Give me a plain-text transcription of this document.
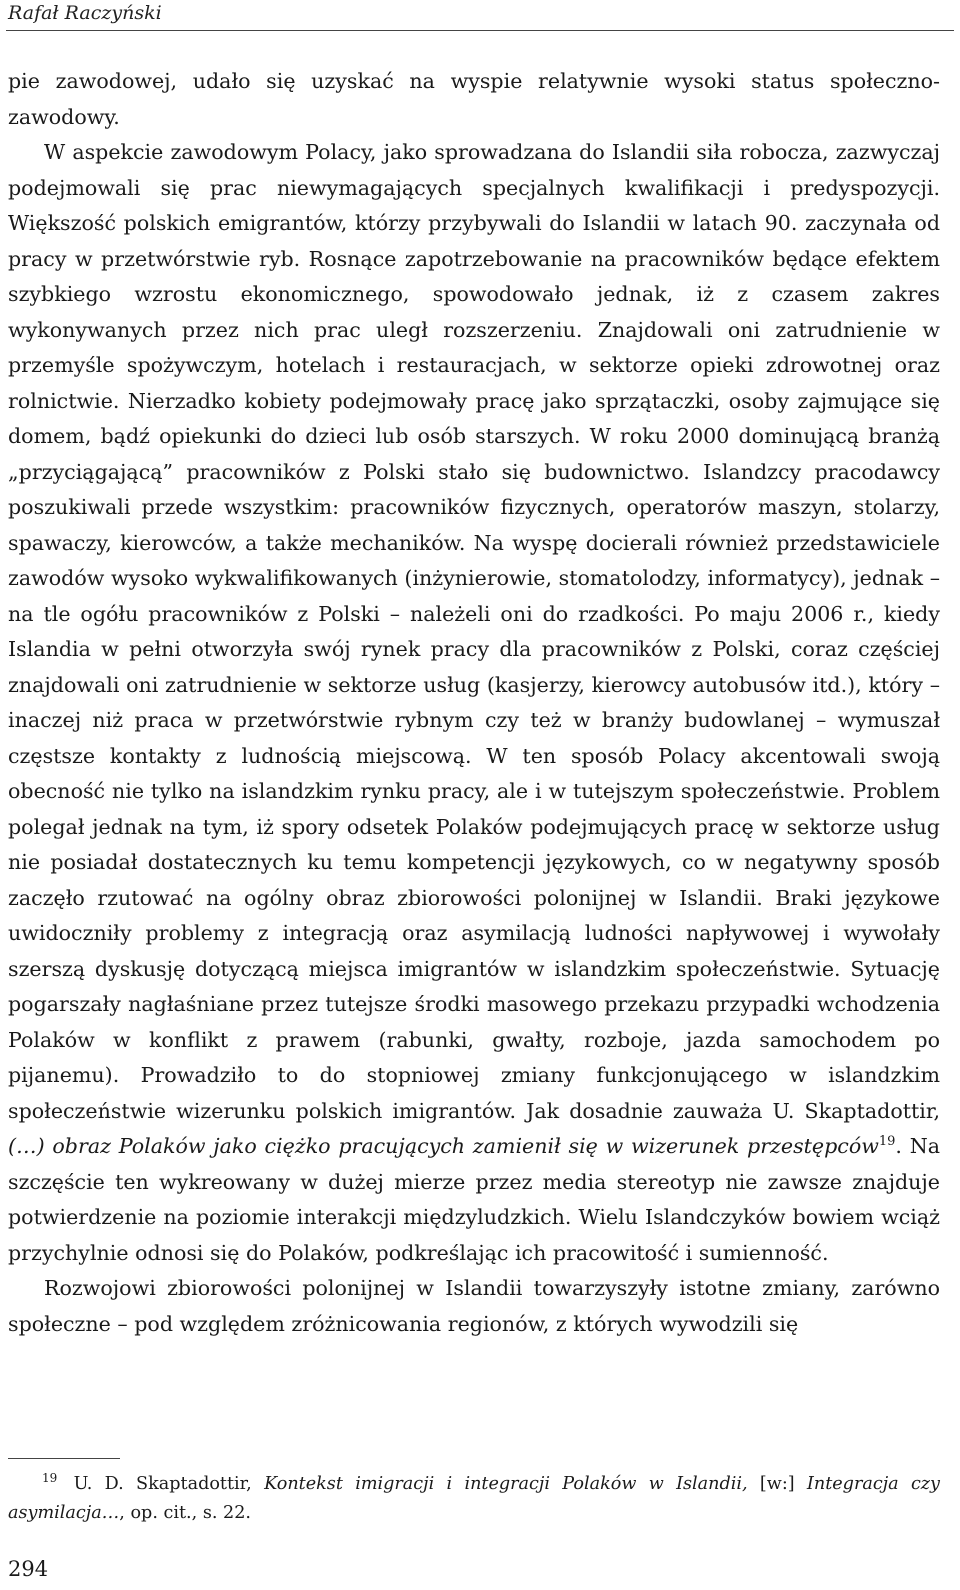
Rafał Raczyński

pie zawodowej, udało się uzyskać na wyspie relatywnie wysoki status społeczno-zawodowy.

W aspekcie zawodowym Polacy, jako sprowadzana do Islandii siła robocza, zazwyczaj podejmowali się prac niewymagających specjalnych kwalifikacji i predyspozycji. Większość polskich emigrantów, którzy przybywali do Islandii w latach 90. zaczynała od pracy w przetwórstwie ryb. Rosnące zapotrzebowanie na pracowników będące efektem szybkiego wzrostu ekonomicznego, spowodowało jednak, iż z czasem zakres wykonywanych przez nich prac uległ rozszerzeniu. Znajdowali oni zatrudnienie w przemyśle spożywczym, hotelach i restauracjach, w sektorze opieki zdrowotnej oraz rolnictwie. Nierzadko kobiety podejmowały pracę jako sprzątaczki, osoby zajmujące się domem, bądź opiekunki do dzieci lub osób starszych. W roku 2000 dominującą branżą „przyciągającą” pracowników z Polski stało się budownictwo. Islandzcy pracodawcy poszukiwali przede wszystkim: pracowników fizycznych, operatorów maszyn, stolarzy, spawaczy, kierowców, a także mechaników. Na wyspę docierali również przedstawiciele zawodów wysoko wykwalifikowanych (inżynierowie, stomatolodzy, informatycy), jednak – na tle ogółu pracowników z Polski – należeli oni do rzadkości. Po maju 2006 r., kiedy Islandia w pełni otworzyła swój rynek pracy dla pracowników z Polski, coraz częściej znajdowali oni zatrudnienie w sektorze usług (kasjerzy, kierowcy autobusów itd.), który – inaczej niż praca w przetwórstwie rybnym czy też w branży budowlanej – wymuszał częstsze kontakty z ludnością miejscową. W ten sposób Polacy akcentowali swoją obecność nie tylko na islandzkim rynku pracy, ale i w tutejszym społeczeństwie. Problem polegał jednak na tym, iż spory odsetek Polaków podejmujących pracę w sektorze usług nie posiadał dostatecznych ku temu kompetencji językowych, co w negatywny sposób zaczęło rzutować na ogólny obraz zbiorowości polonijnej w Islandii. Braki językowe uwidoczniły problemy z integracją oraz asymilacją ludności napływowej i wywołały szerszą dyskusję dotyczącą miejsca imigrantów w islandzkim społeczeństwie. Sytuację pogarszały nagłaśniane przez tutejsze środki masowego przekazu przypadki wchodzenia Polaków w konflikt z prawem (rabunki, gwałty, rozboje, jazda samochodem po pijanemu). Prowadziło to do stopniowej zmiany funkcjonującego w islandzkim społeczeństwie wizerunku polskich imigrantów. Jak dosadnie zauważa U. Skaptadottir, (…) obraz Polaków jako ciężko pracujących zamienił się w wizerunek przestępców$^{19}$. Na szczęście ten wykreowany w dużej mierze przez media stereotyp nie zawsze znajduje potwierdzenie na poziomie interakcji międzyludzkich. Wielu Islandczyków bowiem wciąż przychylnie odnosi się do Polaków, podkreślając ich pracowitość i sumienność.

Rozwojowi zbiorowości polonijnej w Islandii towarzyszyły istotne zmiany, zarówno społeczne – pod względem zróżnicowania regionów, z których wywodzili się

$^{19}$ U. D. Skaptadottir, Kontekst imigracji i integracji Polaków w Islandii, [w:] Integracja czy asymilacja…, op. cit., s. 22.
294
